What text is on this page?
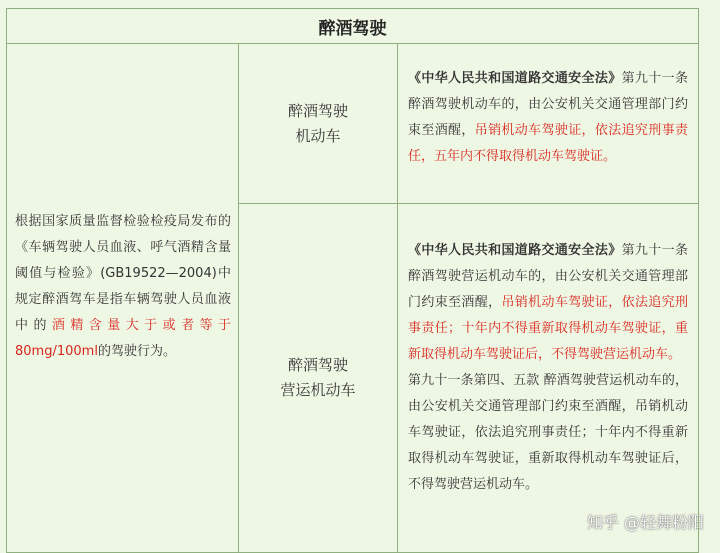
醉酒驾驶
根据国家质量监督检验检疫局发布的《车辆驾驶人员血液、呼气酒精含量阈值与检验》(GB19522—2004)中规定醉酒驾车是指车辆驾驶人员血液中的酒精含量大于或者等于80mg/100ml的驾驶行为。
醉酒驾驶
机动车

《中华人民共和国道路交通安全法》第九十一条 醉酒驾驶机动车的，由公安机关交通管理部门约束至酒醒，吊销机动车驾驶证，依法追究刑事责任，五年内不得取得机动车驾驶证。

醉酒驾驶
营运机动车

《中华人民共和国道路交通安全法》第九十一条 醉酒驾驶营运机动车的，由公安机关交通管理部门约束至酒醒，吊销机动车驾驶证，依法追究刑事责任；十年内不得重新取得机动车驾驶证，重新取得机动车驾驶证后，不得驾驶营运机动车。

第九十一条第四、五款 醉酒驾驶营运机动车的，由公安机关交通管理部门约束至酒醒，吊销机动车驾驶证，依法追究刑事责任；十年内不得重新取得机动车驾驶证，重新取得机动车驾驶证后，不得驾驶营运机动车。

知乎 @轻舞粉阳
